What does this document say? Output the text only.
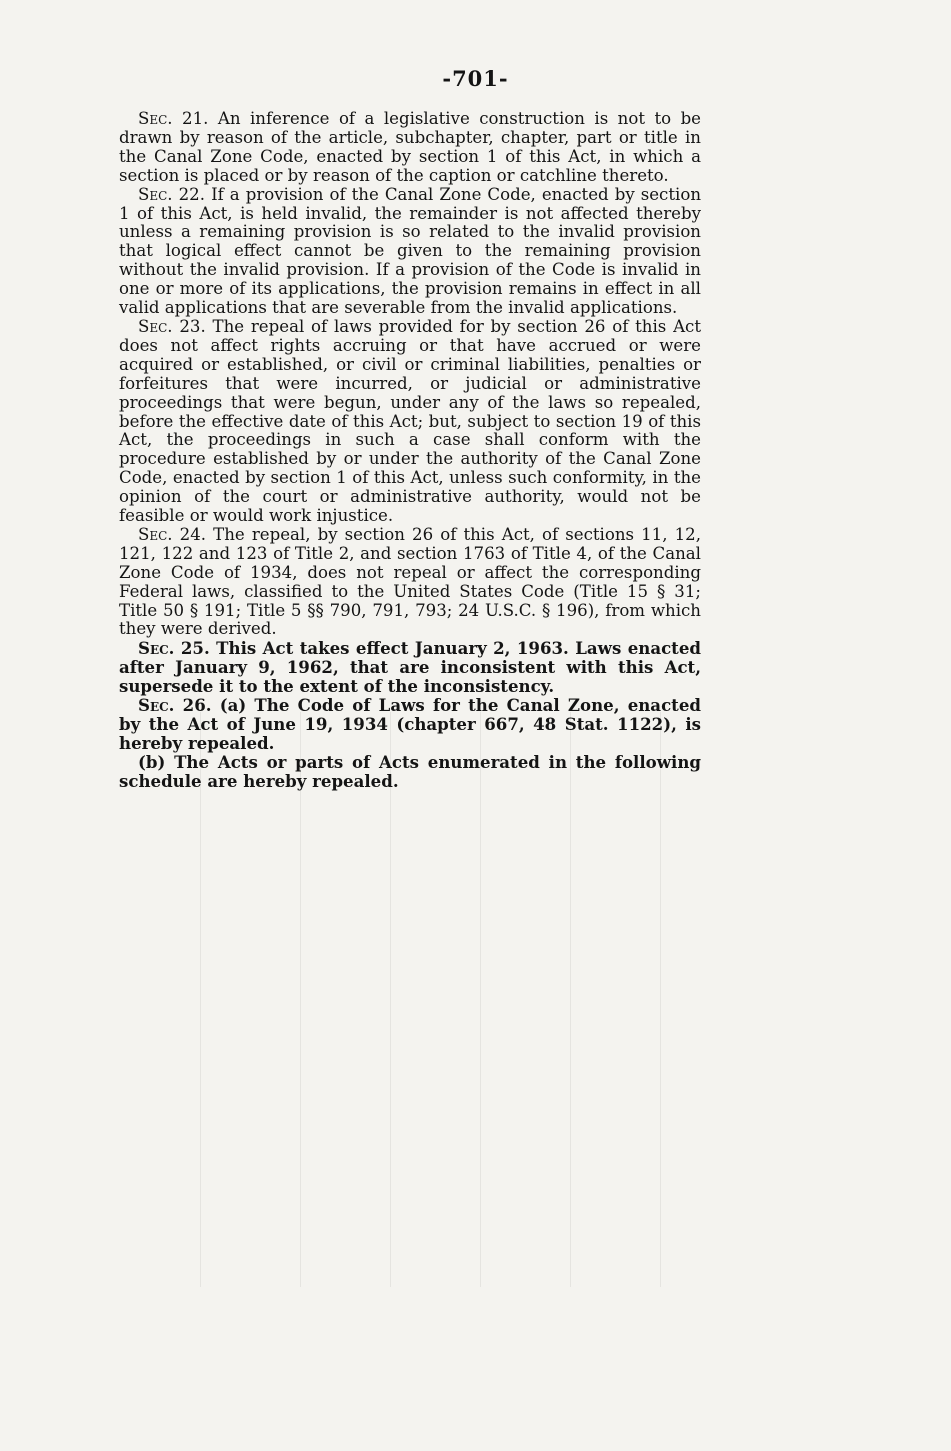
-701-

Sec. 21. An inference of a legislative construction is not to be drawn by reason of the article, subchapter, chapter, part or title in the Canal Zone Code, enacted by section 1 of this Act, in which a section is placed or by reason of the caption or catchline thereto.

Sec. 22. If a provision of the Canal Zone Code, enacted by section 1 of this Act, is held invalid, the remainder is not affected thereby unless a remaining provision is so related to the invalid provision that logical effect cannot be given to the remaining provision without the invalid provision. If a provision of the Code is invalid in one or more of its applications, the provision remains in effect in all valid applications that are severable from the invalid applications.

Sec. 23. The repeal of laws provided for by section 26 of this Act does not affect rights accruing or that have accrued or were acquired or established, or civil or criminal liabilities, penalties or forfeitures that were incurred, or judicial or administrative proceedings that were begun, under any of the laws so repealed, before the effective date of this Act; but, subject to section 19 of this Act, the proceedings in such a case shall conform with the procedure established by or under the authority of the Canal Zone Code, enacted by section 1 of this Act, unless such conformity, in the opinion of the court or administrative authority, would not be feasible or would work injustice.

Sec. 24. The repeal, by section 26 of this Act, of sections 11, 12, 121, 122 and 123 of Title 2, and section 1763 of Title 4, of the Canal Zone Code of 1934, does not repeal or affect the corresponding Federal laws, classified to the United States Code (Title 15 § 31; Title 50 § 191; Title 5 §§ 790, 791, 793; 24 U.S.C. § 196), from which they were derived.

Sec. 25. This Act takes effect January 2, 1963. Laws enacted after January 9, 1962, that are inconsistent with this Act, supersede it to the extent of the inconsistency.

Sec. 26. (a) The Code of Laws for the Canal Zone, enacted by the Act of June 19, 1934 (chapter 667, 48 Stat. 1122), is hereby repealed.

(b) The Acts or parts of Acts enumerated in the following schedule are hereby repealed.
